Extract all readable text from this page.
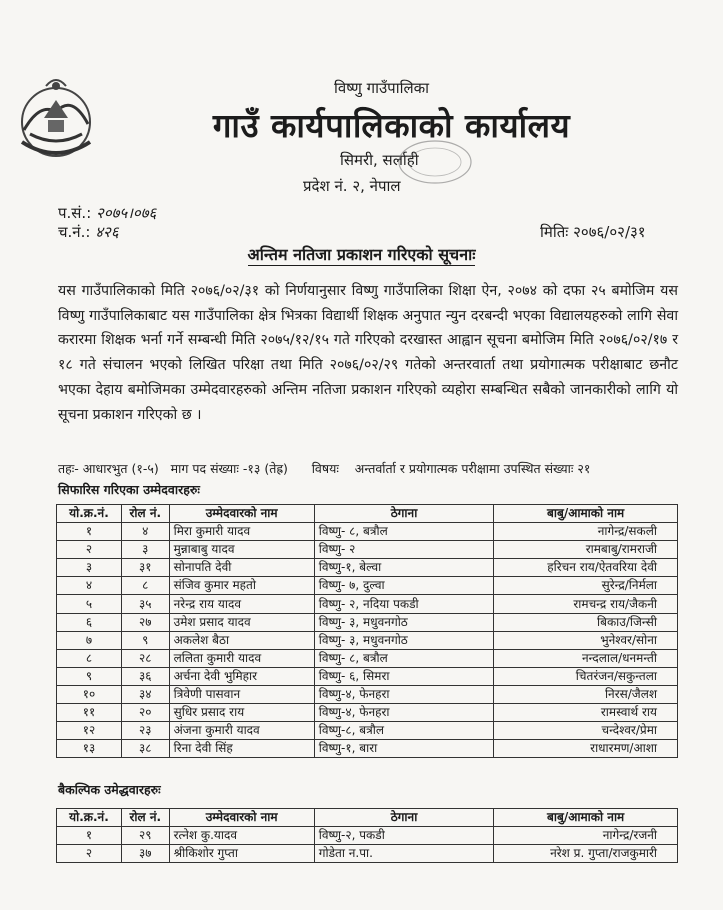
विष्णु गाउँपालिका
गाउँ कार्यपालिकाको कार्यालय
सिमरी, सर्लाही
प्रदेश नं. २, नेपाल
प.सं.: २०७५।०७६
च.नं.: ४२६	मितिः २०७६/०२/३१
अन्तिम नतिजा प्रकाशन गरिएको सूचनाः
यस गाउँपालिकाको मिति २०७६/०२/३१ को निर्णयानुसार विष्णु गाउँपालिका शिक्षा ऐन, २०७४ को दफा २५ बमोजिम यस विष्णु गाउँपालिकाबाट यस गाउँपालिका क्षेत्र भित्रका विद्यार्थी शिक्षक अनुपात न्युन दरबन्दी भएका विद्यालयहरुको लागि सेवा करारमा शिक्षक भर्ना गर्ने सम्बन्धी मिति २०७५/१२/१५ गते गरिएको दरखास्त आह्वान सूचना बमोजिम मिति २०७६/०२/१७ र १८ गते संचालन भएको लिखित परिक्षा तथा मिति २०७६/०२/२९ गतेको अन्तरवार्ता तथा प्रयोगात्मक परीक्षाबाट छनौट भएका देहाय बमोजिमका उम्मेदवारहरुको अन्तिम नतिजा प्रकाशन गरिएको व्यहोरा सम्बन्धित सबैको जानकारीको लागि यो सूचना प्रकाशन गरिएको छ ।
तहः- आधारभुत (१-५) माग पद संख्याः -१३ (तेह्र) विषयः अन्तर्वार्ता र प्रयोगात्मक परीक्षामा उपस्थित संख्याः २१
सिफारिस गरिएका उम्मेदवारहरुः
यो.क्र.नं.	रोल नं.	उम्मेदवारको नाम	ठेगाना	बाबु/आमाको नाम
१	४	मिरा कुमारी यादव	विष्णु- ८, बत्रौल	नागेन्द्र/सकली
२	३	मुन्नाबाबु यादव	विष्णु- २	रामबाबु/रामराजी
३	३१	सोनापति देवी	विष्णु-१, बेल्वा	हरिचन राय/ऐतवरिया देवी
४	८	संजिव कुमार महतो	विष्णु- ७, दुल्वा	सुरेन्द्र/निर्मला
५	३५	नरेन्द्र राय यादव	विष्णु- २, नदिया पकडी	रामचन्द्र राय/जैकनी
६	२७	उमेश प्रसाद यादव	विष्णु- ३, मधुवनगोठ	बिकाउ/जिन्सी
७	९	अकलेश बैठा	विष्णु- ३, मधुवनगोठ	भुनेश्वर/सोना
८	२८	ललिता कुमारी यादव	विष्णु- ८, बत्रौल	नन्दलाल/धनमन्ती
९	३६	अर्चना देवी भुमिहार	विष्णु- ६, सिमरा	चितरंजन/सकुन्तला
१०	३४	त्रिवेणी पासवान	विष्णु-४, फेनहरा	निरस/जैलश
११	२०	सुधिर प्रसाद राय	विष्णु-४, फेनहरा	रामस्वार्थ राय
१२	२३	अंजना कुमारी यादव	विष्णु-८, बत्रौल	चन्देश्वर/प्रेमा
१३	३८	रिना देवी सिंह	विष्णु-१, बारा	राधारमण/आशा
बैकल्पिक उमेद्धवारहरुः
यो.क्र.नं.	रोल नं.	उम्मेदवारको नाम	ठेगाना	बाबु/आमाको नाम
१	२९	रत्नेश कु.यादव	विष्णु-२, पकडी	नागेन्द्र/रजनी
२	३७	श्रीकिशोर गुप्ता	गोडेता न.पा.	नरेश प्र. गुप्ता/राजकुमारी
